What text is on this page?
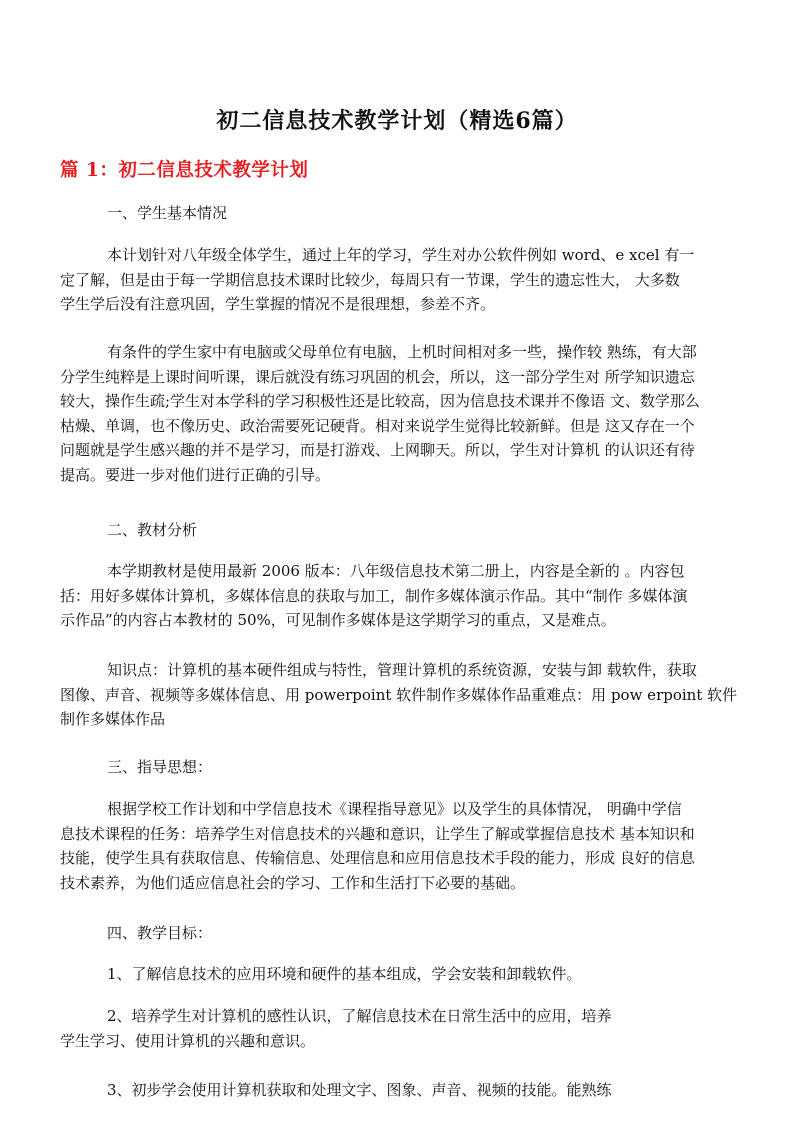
初二信息技术教学计划（精选6篇）
篇 1：初二信息技术教学计划
一、学生基本情况
本计划针对八年级全体学生，通过上年的学习，学生对办公软件例如 word、e xcel 有一
定了解，但是由于每一学期信息技术课时比较少，每周只有一节课，学生的遗忘性大， 大多数
学生学后没有注意巩固，学生掌握的情况不是很理想，参差不齐。
有条件的学生家中有电脑或父母单位有电脑，上机时间相对多一些，操作较 熟练，有大部
分学生纯粹是上课时间听课，课后就没有练习巩固的机会，所以，这一部分学生对 所学知识遗忘
较大，操作生疏;学生对本学科的学习积极性还是比较高，因为信息技术课并不像语 文、数学那么
枯燥、单调，也不像历史、政治需要死记硬背。相对来说学生觉得比较新鲜。但是 这又存在一个
问题就是学生感兴趣的并不是学习，而是打游戏、上网聊天。所以，学生对计算机 的认识还有待
提高。要进一步对他们进行正确的引导。
二、教材分析
本学期教材是使用最新 2006 版本：八年级信息技术第二册上，内容是全新的 。内容包
括：用好多媒体计算机，多媒体信息的获取与加工，制作多媒体演示作品。其中“制作 多媒体演
示作品”的内容占本教材的 50%，可见制作多媒体是这学期学习的重点，又是难点。
知识点：计算机的基本硬件组成与特性，管理计算机的系统资源，安装与卸 载软件，获取
图像、声音、视频等多媒体信息、用 powerpoint 软件制作多媒体作品重难点：用 pow erpoint 软件
制作多媒体作品
三、指导思想：
根据学校工作计划和中学信息技术《课程指导意见》以及学生的具体情况， 明确中学信
息技术课程的任务：培养学生对信息技术的兴趣和意识，让学生了解或掌握信息技术 基本知识和
技能，使学生具有获取信息、传输信息、处理信息和应用信息技术手段的能力，形成 良好的信息
技术素养，为他们适应信息社会的学习、工作和生活打下必要的基础。
四、教学目标：
1、了解信息技术的应用环境和硬件的基本组成，学会安装和卸载软件。
2、培养学生对计算机的感性认识，了解信息技术在日常生活中的应用，培养
学生学习、使用计算机的兴趣和意识。
3、初步学会使用计算机获取和处理文字、图象、声音、视频的技能。能熟练
